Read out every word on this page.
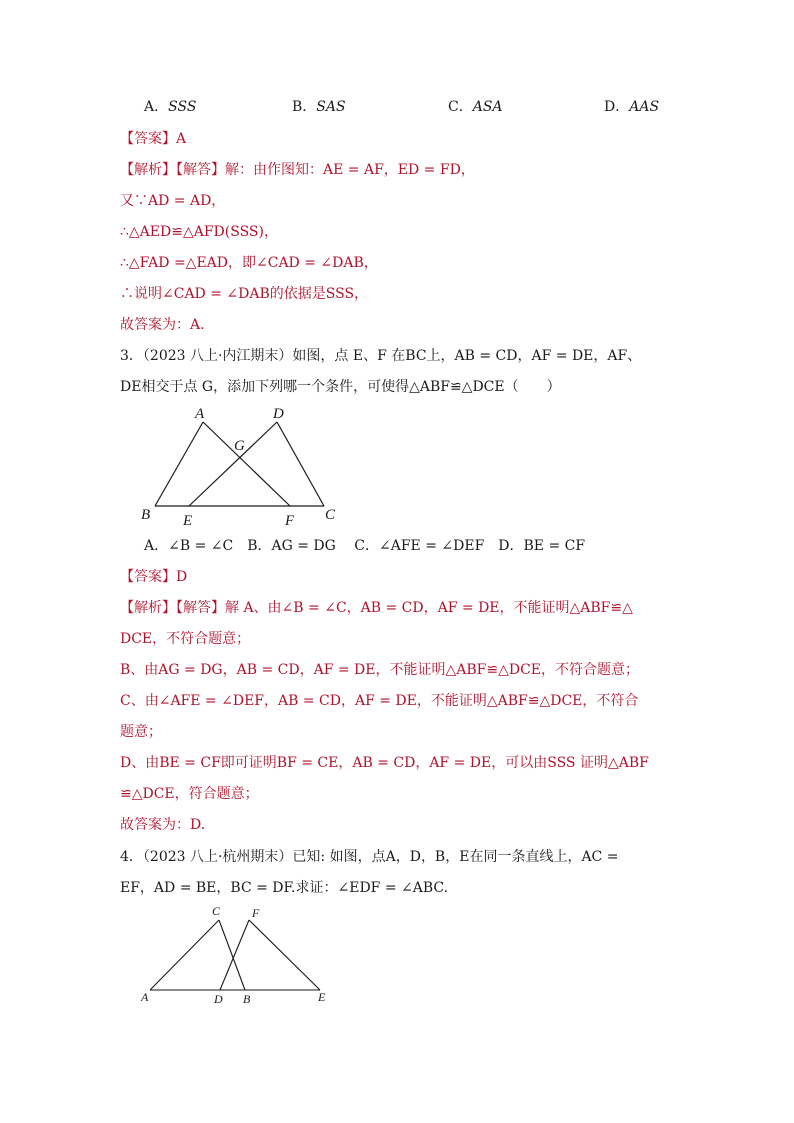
A．SSS	B．SAS	C．ASA	D．AAS
【答案】A
【解析】【解答】解：由作图知：AE = AF，ED = FD，
又∵AD = AD，
∴△AED≌△AFD(SSS)，
∴△FAD =△EAD，即∠CAD = ∠DAB，
∴说明∠CAD = ∠DAB的依据是SSS，
故答案为：A.
3．（2023 八上·内江期末）如图，点 E、F 在BC上，AB = CD，AF = DE，AF、
DE相交于点 G，添加下列哪一个条件，可使得△ABF≌△DCE（　　）
A	D
G
B E	F C
A．∠B = ∠C　B．AG = DG　 C．∠AFE = ∠DEF　D．BE = CF
【答案】D
【解析】【解答】解 A、由∠B = ∠C，AB = CD，AF = DE，不能证明△ABF≌△
DCE，不符合题意；
B、由AG = DG，AB = CD，AF = DE，不能证明△ABF≌△DCE，不符合题意；
C、由∠AFE = ∠DEF，AB = CD，AF = DE，不能证明△ABF≌△DCE，不符合
题意；
D、由BE = CF即可证明BF = CE，AB = CD，AF = DE，可以由SSS 证明△ABF
≌△DCE，符合题意；
故答案为：D.
4．（2023 八上·杭州期末）已知: 如图，点A，D，B，E在同一条直线上，AC =
EF，AD = BE，BC = DF.求证：∠EDF = ∠ABC.
C	F
A	D B	E
